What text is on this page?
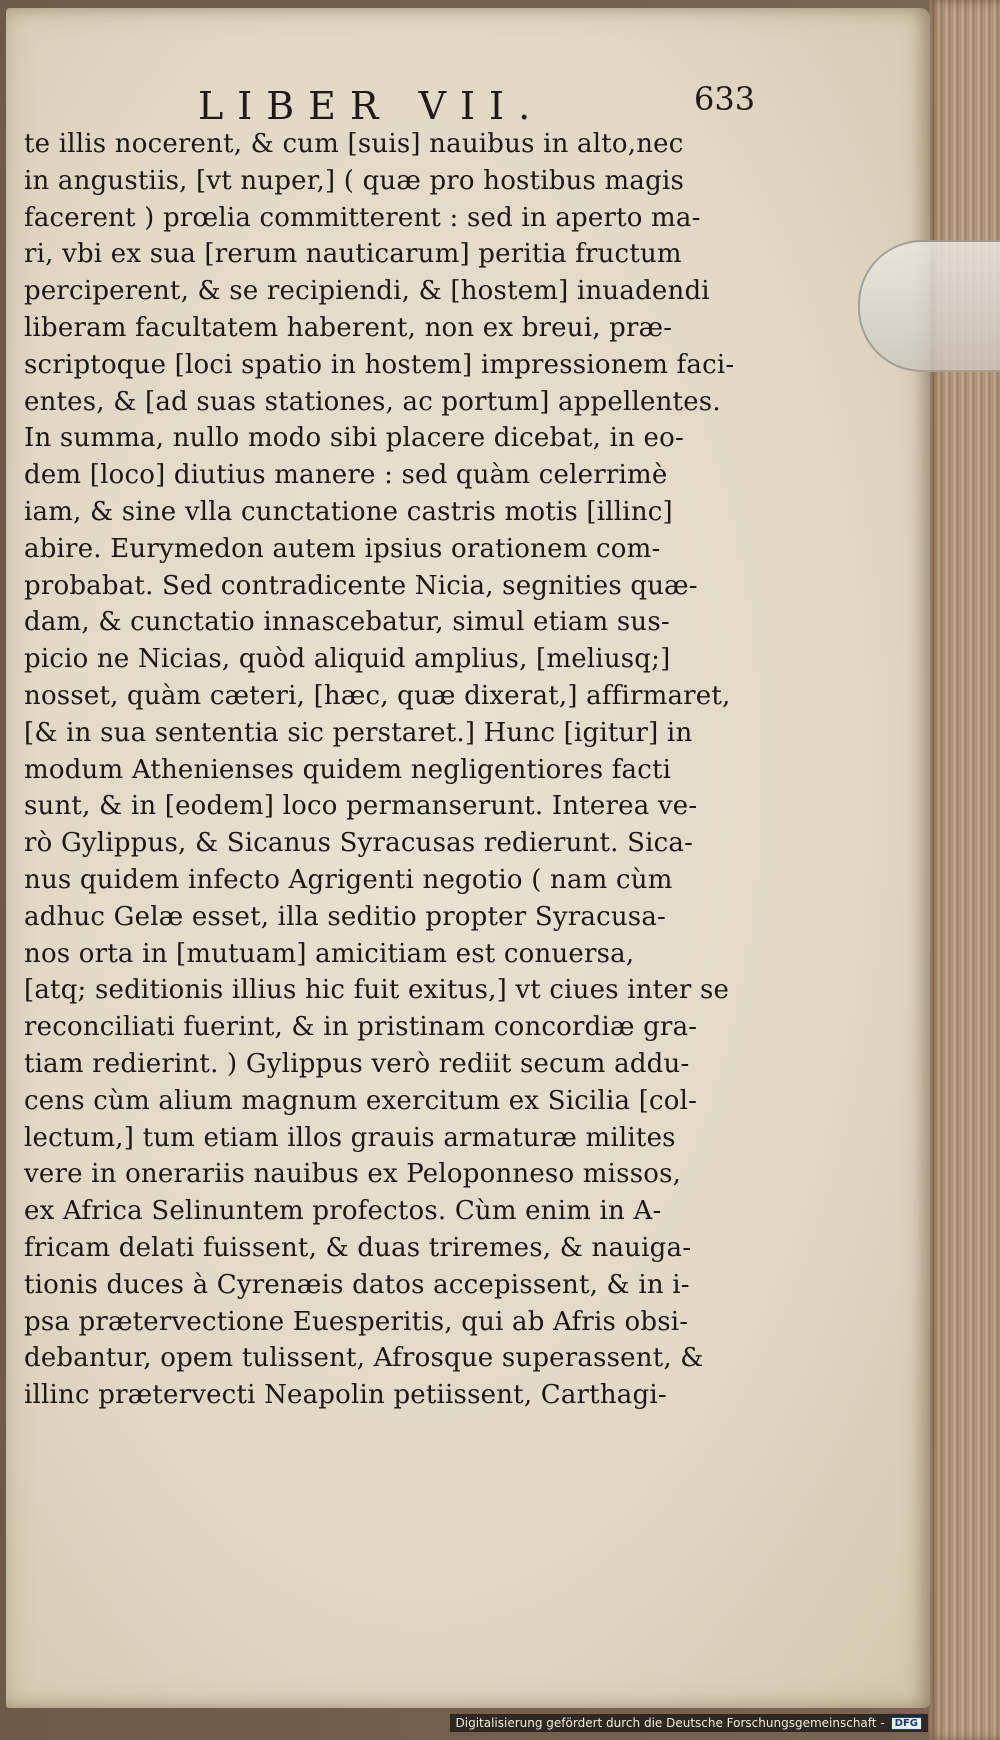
LIBER VII.	633
te illis nocerent, & cum [suis] nauibus in alto,nec
in angustiis, [vt nuper,] ( quæ pro hostibus magis
facerent ) prœlia committerent : sed in aperto ma-
ri, vbi ex sua [rerum nauticarum] peritia fructum
perciperent, & se recipiendi, & [hostem] inuadendi
liberam facultatem haberent, non ex breui, præ-
scriptoque [loci spatio in hostem] impressionem faci-
entes, & [ad suas stationes, ac portum] appellentes.
In summa, nullo modo sibi placere dicebat, in eo-
dem [loco] diutius manere : sed quàm celerrimè
iam, & sine vlla cunctatione castris motis [illinc]
abire. Eurymedon autem ipsius orationem com-
probabat. Sed contradicente Nicia, segnities quæ-
dam, & cunctatio innascebatur, simul etiam sus-
picio ne Nicias, quòd aliquid amplius, [meliusq;]
nosset, quàm cæteri, [hæc, quæ dixerat,] affirmaret,
[& in sua sententia sic perstaret.] Hunc [igitur] in
modum Athenienses quidem negligentiores facti
sunt, & in [eodem] loco permanserunt. Interea ve-
rò Gylippus, & Sicanus Syracusas redierunt. Sica-
nus quidem infecto Agrigenti negotio ( nam cùm
adhuc Gelæ esset, illa seditio propter Syracusa-
nos orta in [mutuam] amicitiam est conuersa,
[atq; seditionis illius hic fuit exitus,] vt ciues inter se
reconciliati fuerint, & in pristinam concordiæ gra-
tiam redierint. ) Gylippus verò rediit secum addu-
cens cùm alium magnum exercitum ex Sicilia [col-
lectum,] tum etiam illos grauis armaturæ milites
vere in onerariis nauibus ex Peloponneso missos,
ex Africa Selinuntem profectos. Cùm enim in A-
fricam delati fuissent, & duas triremes, & nauiga-
tionis duces à Cyrenæis datos accepissent, & in i-
psa prætervectione Euesperitis, qui ab Afris obsi-
debantur, opem tulissent, Afrosque superassent, &
illinc prætervecti Neapolin petiissent, Carthagi-
Digitalisierung gefördert durch die Deutsche Forschungsgemeinschaft -	DFG
